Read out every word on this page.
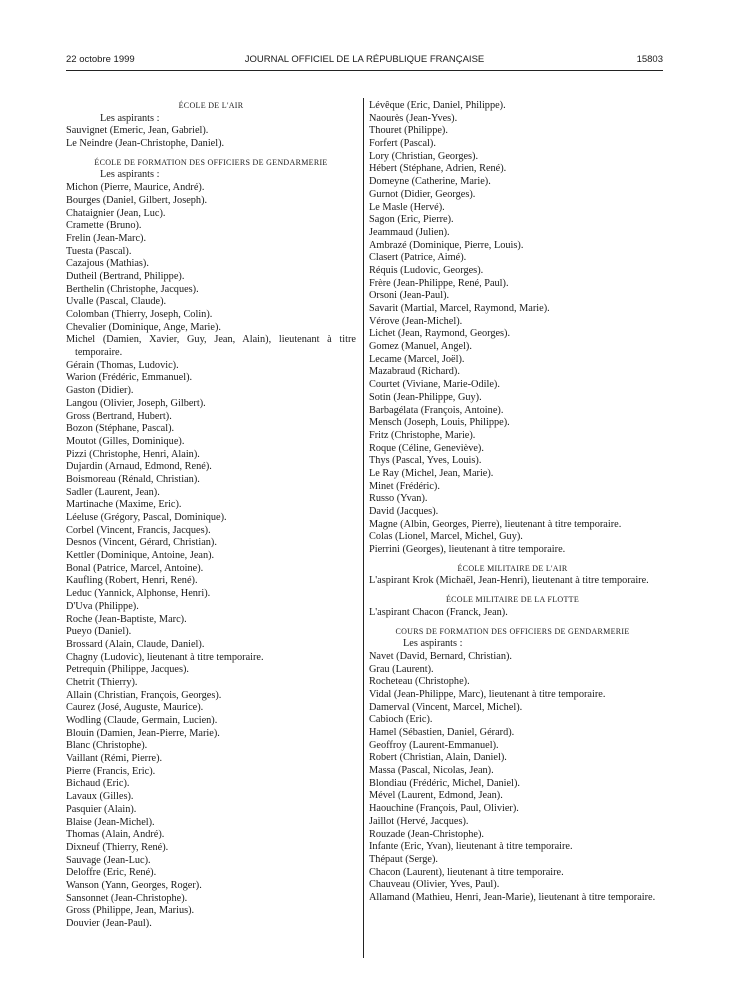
22 octobre 1999	JOURNAL OFFICIEL DE LA RÉPUBLIQUE FRANÇAISE	15803
ÉCOLE DE L'AIR
Les aspirants :
Sauvignet (Emeric, Jean, Gabriel).
Le Neindre (Jean-Christophe, Daniel).
ÉCOLE DE FORMATION DES OFFICIERS DE GENDARMERIE
Les aspirants :
Michon (Pierre, Maurice, André).
Bourges (Daniel, Gilbert, Joseph).
Chataignier (Jean, Luc).
Cramette (Bruno).
Frelin (Jean-Marc).
Tuesta (Pascal).
Cazajous (Mathias).
Dutheil (Bertrand, Philippe).
Berthelin (Christophe, Jacques).
Uvalle (Pascal, Claude).
Colomban (Thierry, Joseph, Colin).
Chevalier (Dominique, Ange, Marie).
Michel (Damien, Xavier, Guy, Jean, Alain), lieutenant à titre temporaire.
Gérain (Thomas, Ludovic).
Warion (Frédéric, Emmanuel).
Gaston (Didier).
Langou (Olivier, Joseph, Gilbert).
Gross (Bertrand, Hubert).
Bozon (Stéphane, Pascal).
Moutot (Gilles, Dominique).
Pizzi (Christophe, Henri, Alain).
Dujardin (Arnaud, Edmond, René).
Boismoreau (Rénald, Christian).
Sadler (Laurent, Jean).
Martinache (Maxime, Eric).
Léeluse (Grégory, Pascal, Dominique).
Corbel (Vincent, Francis, Jacques).
Desnos (Vincent, Gérard, Christian).
Kettler (Dominique, Antoine, Jean).
Bonal (Patrice, Marcel, Antoine).
Kaufling (Robert, Henri, René).
Leduc (Yannick, Alphonse, Henri).
D'Uva (Philippe).
Roche (Jean-Baptiste, Marc).
Pueyo (Daniel).
Brossard (Alain, Claude, Daniel).
Chagny (Ludovic), lieutenant à titre temporaire.
Petrequin (Philippe, Jacques).
Chetrit (Thierry).
Allain (Christian, François, Georges).
Caurez (José, Auguste, Maurice).
Wodling (Claude, Germain, Lucien).
Blouin (Damien, Jean-Pierre, Marie).
Blanc (Christophe).
Vaillant (Rémi, Pierre).
Pierre (Francis, Eric).
Bichaud (Eric).
Lavaux (Gilles).
Pasquier (Alain).
Blaise (Jean-Michel).
Thomas (Alain, André).
Dixneuf (Thierry, René).
Sauvage (Jean-Luc).
Deloffre (Eric, René).
Wanson (Yann, Georges, Roger).
Sansonnet (Jean-Christophe).
Gross (Philippe, Jean, Marius).
Douvier (Jean-Paul).
Lévêque (Eric, Daniel, Philippe).
Naourès (Jean-Yves).
Thouret (Philippe).
Forfert (Pascal).
Lory (Christian, Georges).
Hébert (Stéphane, Adrien, René).
Domeyne (Catherine, Marie).
Gurnot (Didier, Georges).
Le Masle (Hervé).
Sagon (Eric, Pierre).
Jeammaud (Julien).
Ambrazé (Dominique, Pierre, Louis).
Clasert (Patrice, Aimé).
Réquis (Ludovic, Georges).
Frère (Jean-Philippe, René, Paul).
Orsoni (Jean-Paul).
Savarit (Martial, Marcel, Raymond, Marie).
Vérove (Jean-Michel).
Lichet (Jean, Raymond, Georges).
Gomez (Manuel, Angel).
Lecame (Marcel, Joël).
Mazabraud (Richard).
Courtet (Viviane, Marie-Odile).
Sotin (Jean-Philippe, Guy).
Barbagélata (François, Antoine).
Mensch (Joseph, Louis, Philippe).
Fritz (Christophe, Marie).
Roque (Céline, Geneviève).
Thys (Pascal, Yves, Louis).
Le Ray (Michel, Jean, Marie).
Minet (Frédéric).
Russo (Yvan).
David (Jacques).
Magne (Albin, Georges, Pierre), lieutenant à titre temporaire.
Colas (Lionel, Marcel, Michel, Guy).
Pierrini (Georges), lieutenant à titre temporaire.
ÉCOLE MILITAIRE DE L'AIR
L'aspirant Krok (Michaël, Jean-Henri), lieutenant à titre temporaire.
ÉCOLE MILITAIRE DE LA FLOTTE
L'aspirant Chacon (Franck, Jean).
COURS DE FORMATION DES OFFICIERS DE GENDARMERIE
Les aspirants :
Navet (David, Bernard, Christian).
Grau (Laurent).
Rocheteau (Christophe).
Vidal (Jean-Philippe, Marc), lieutenant à titre temporaire.
Damerval (Vincent, Marcel, Michel).
Cabioch (Eric).
Hamel (Sébastien, Daniel, Gérard).
Geoffroy (Laurent-Emmanuel).
Robert (Christian, Alain, Daniel).
Massa (Pascal, Nicolas, Jean).
Blondiau (Frédéric, Michel, Daniel).
Mével (Laurent, Edmond, Jean).
Haouchine (François, Paul, Olivier).
Jaillot (Hervé, Jacques).
Rouzade (Jean-Christophe).
Infante (Eric, Yvan), lieutenant à titre temporaire.
Thépaut (Serge).
Chacon (Laurent), lieutenant à titre temporaire.
Chauveau (Olivier, Yves, Paul).
Allamand (Mathieu, Henri, Jean-Marie), lieutenant à titre temporaire.
